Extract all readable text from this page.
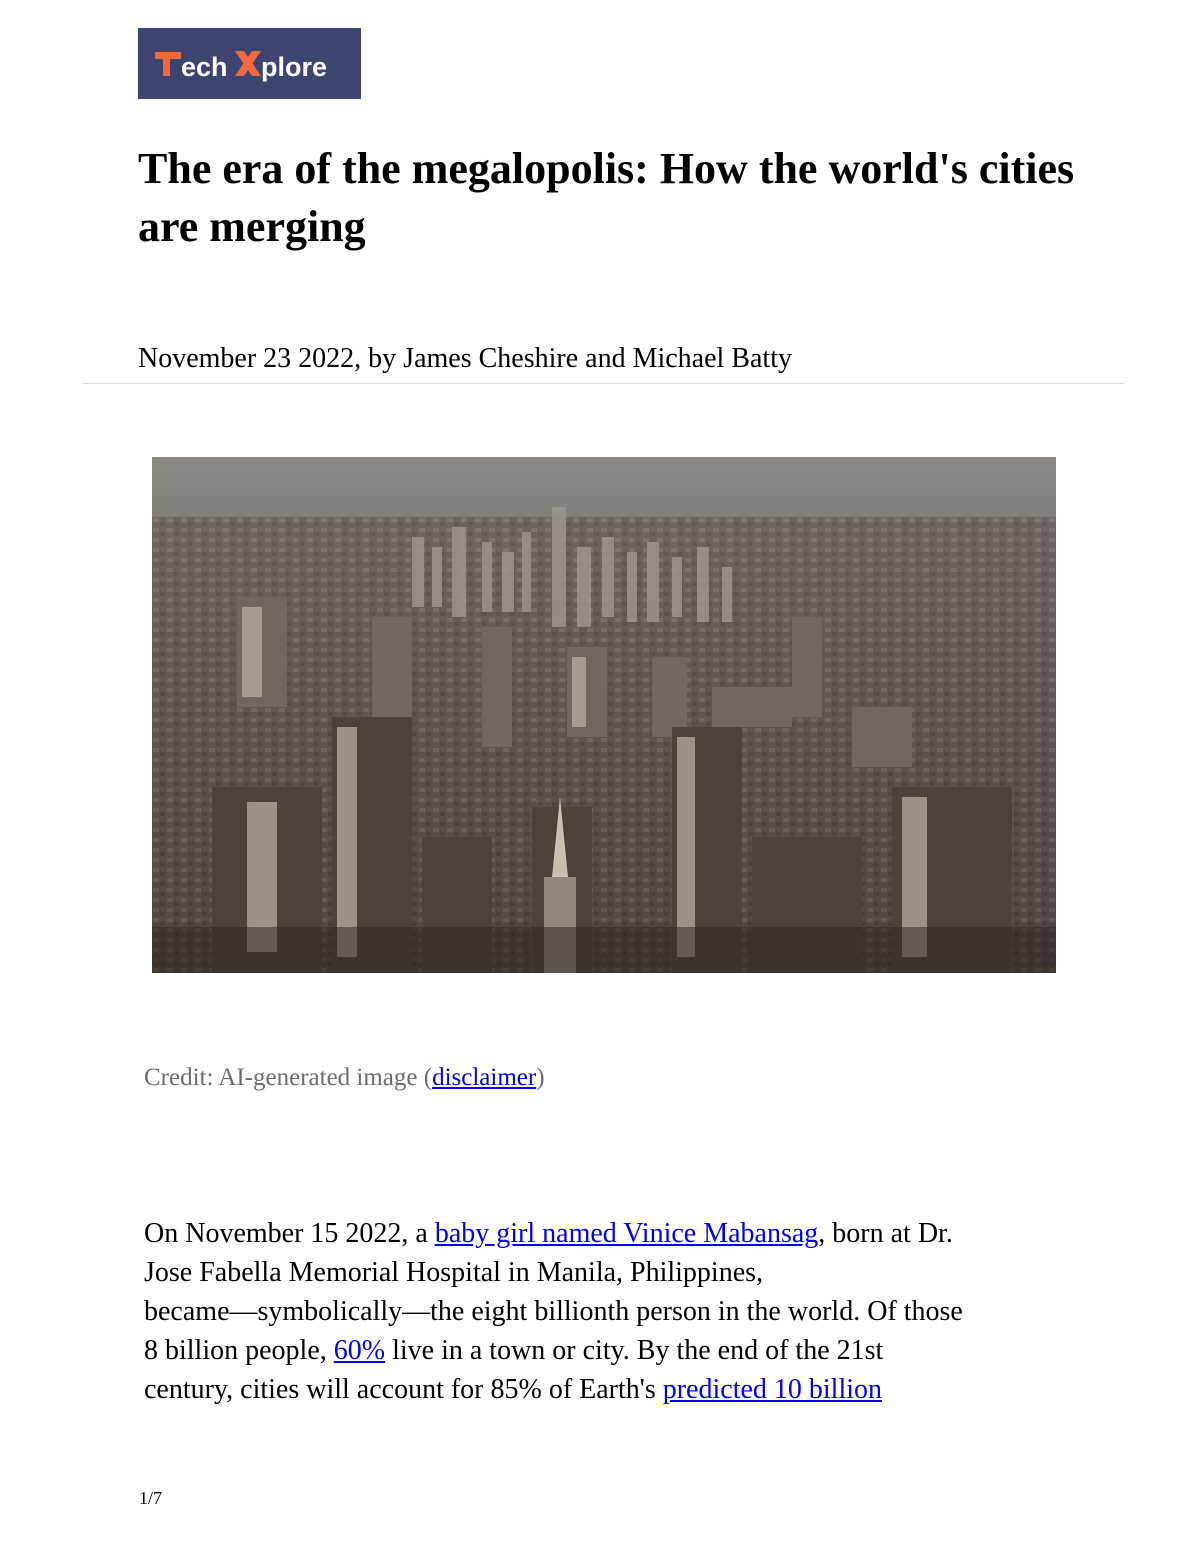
ech plore
The era of the megalopolis: How the world's cities are merging
November 23 2022, by James Cheshire and Michael Batty
Credit: AI-generated image (disclaimer)
On November 15 2022, a baby girl named Vinice Mabansag, born at Dr.
Jose Fabella Memorial Hospital in Manila, Philippines,
became—symbolically—the eight billionth person in the world. Of those
8 billion people, 60% live in a town or city. By the end of the 21st
century, cities will account for 85% of Earth's predicted 10 billion
1/7
